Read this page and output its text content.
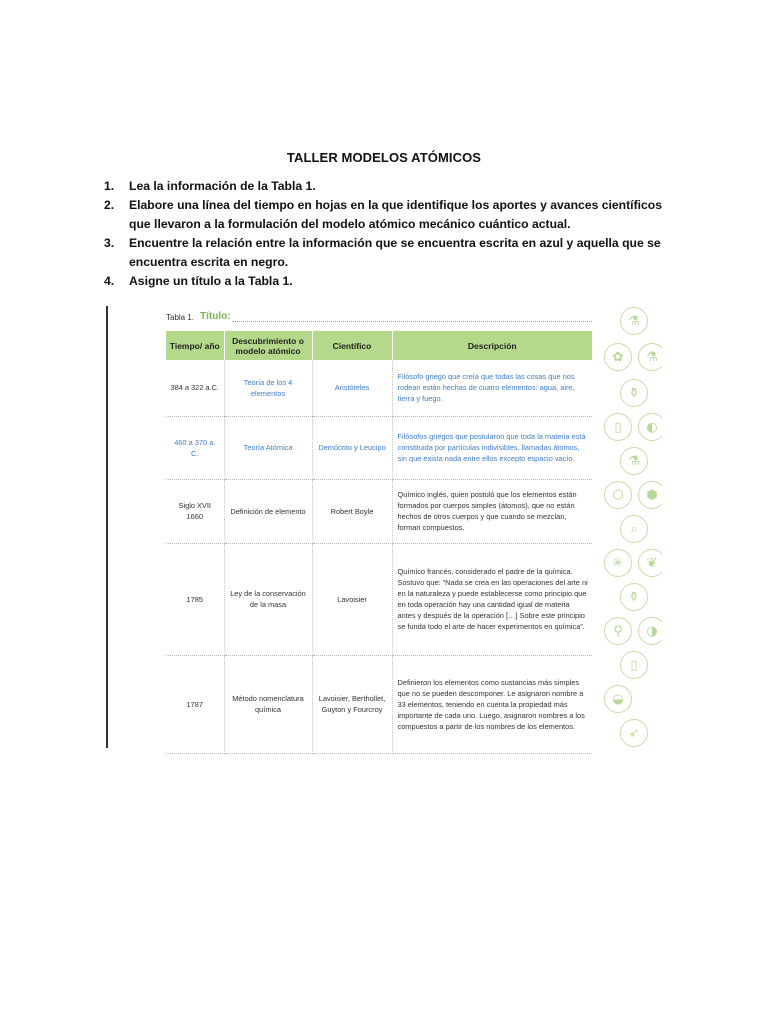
TALLER MODELOS ATÓMICOS
1. Lea la información de la Tabla 1.
2. Elabore una línea del tiempo en hojas en la que identifique los aportes y avances científicos que llevaron a la formulación del modelo atómico mecánico cuántico actual.
3. Encuentre la relación entre la información que se encuentra escrita en azul y aquella que se encuentra escrita en negro.
4. Asigne un título a la Tabla 1.
Tabla 1. Título:
Tiempo/ año	Descubrimiento o modelo atómico	Científico	Descripción
384 a 322 a.C.	Teoría de los 4 elementos	Aristóteles	Filósofo griego que creía que todas las cosas que nos rodean están hechas de cuatro elementos: agua, aire, tierra y fuego.
460 a 370 a. C.	Teoría Atómica	Demócrito y Leucipo	Filósofos griegos que postularon que toda la materia está constituida por partículas indivisibles, llamadas átomos, sin que exista nada entre ellos excepto espacio vacío.
Siglo XVII 1660	Definición de elemento	Robert Boyle	Químico inglés, quien postuló que los elementos están formados por cuerpos simples (átomos), que no están hechos de otros cuerpos y que cuando se mezclan, forman compuestos.
1785	Ley de la conservación de la masa	Lavoisier	Químico francés, considerado el padre de la química. Sostuvo que: “Nada se crea en las operaciones del arte ni en la naturaleza y puede establecerse como principio que en toda operación hay una cantidad igual de materia antes y después de la operación […] Sobre este principio se funda todo el arte de hacer experimentos en química”.
1787	Método nomenclatura química	Lavoisier, Berthollet, Guyton y Fourcroy	Definieron los elementos como sustancias más simples que no se pueden descomponer. Le asignaron nombre a 33 elementos, teniendo en cuenta la propiedad más importante de cada uno. Luego, asignaron nombres a los compuestos a partir de los nombres de los elementos.
⚗
✿	⚗
⚱
▯	◐
⚗
⬡	⬢
⌕
✳	❦
⚱
⚲	◑
▯
◒
➶
